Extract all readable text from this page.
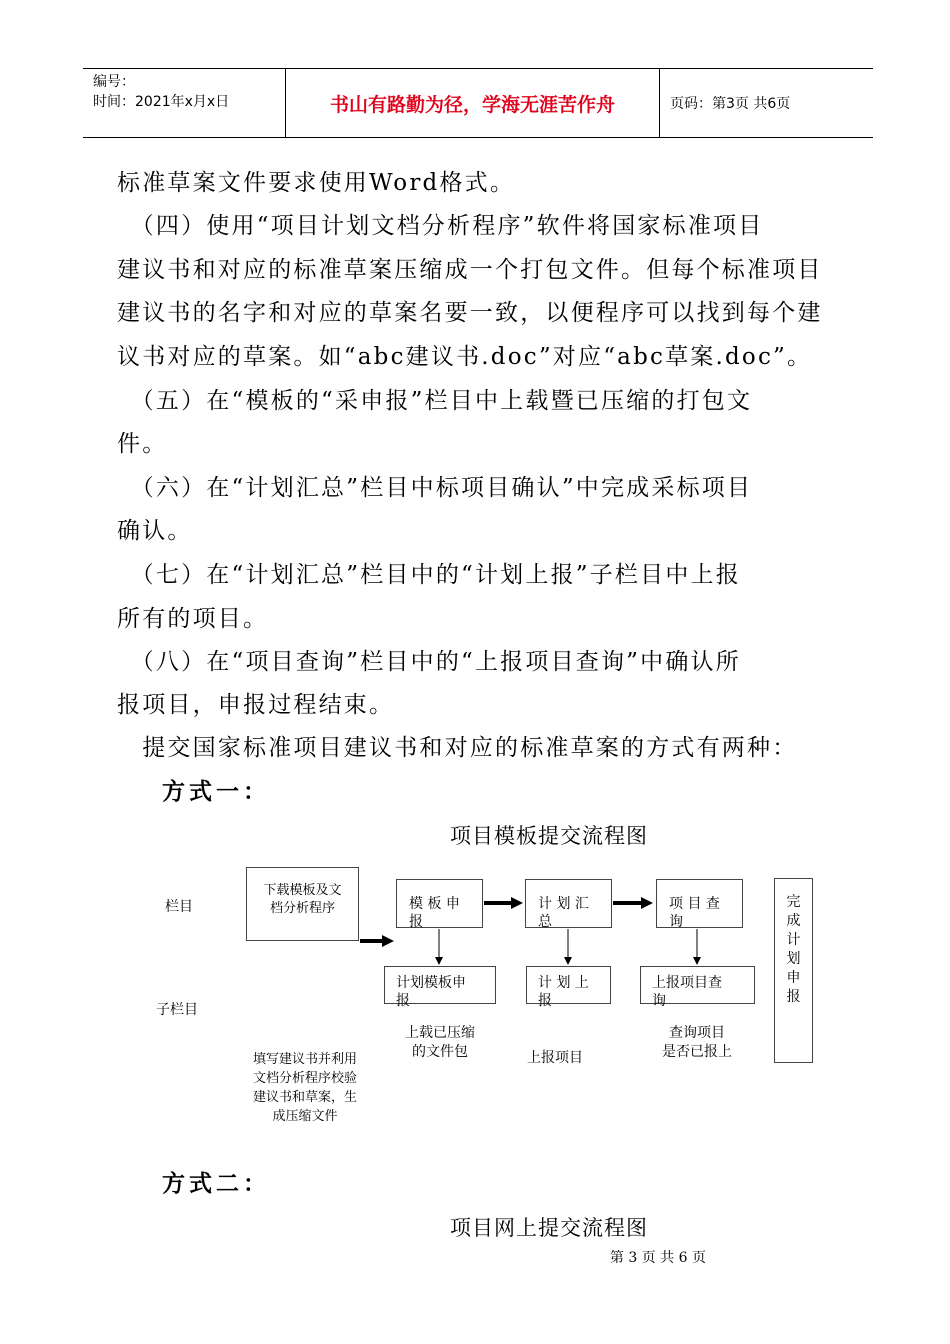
编号：
时间：2021年x月x日	书山有路勤为径，学海无涯苦作舟	页码：第3页 共6页
标准草案文件要求使用Word格式。
　（四）使用“项目计划文档分析程序”软件将国家标准项目
建议书和对应的标准草案压缩成一个打包文件。但每个标准项目
建议书的名字和对应的草案名要一致，以便程序可以找到每个建
议书对应的草案。如“abc建议书.doc”对应“abc草案.doc”。
　（五）在“模板的“采申报”栏目中上载暨已压缩的打包文
件。
　（六）在“计划汇总”栏目中标项目确认”中完成采标项目
确认。
　（七）在“计划汇总”栏目中的“计划上报”子栏目中上报
所有的项目。
　（八）在“项目查询”栏目中的“上报项目查询”中确认所
报项目，申报过程结束。
　提交国家标准项目建议书和对应的标准草案的方式有两种：
方式一：
项目模板提交流程图
栏目
子栏目
下载模板及文
档分析程序	模 板 申
报
计 划 汇
总
项 目 查
询
计划模板申
报
计 划 上
报
上报项目查
询
完
成
计
划
申
报
上载已压缩
的文件包	上报项目
查询项目
是否已报上
填写建议书并利用
文档分析程序校验
建议书和草案，生
成压缩文件
方式二：
项目网上提交流程图
第 3 页 共 6 页
